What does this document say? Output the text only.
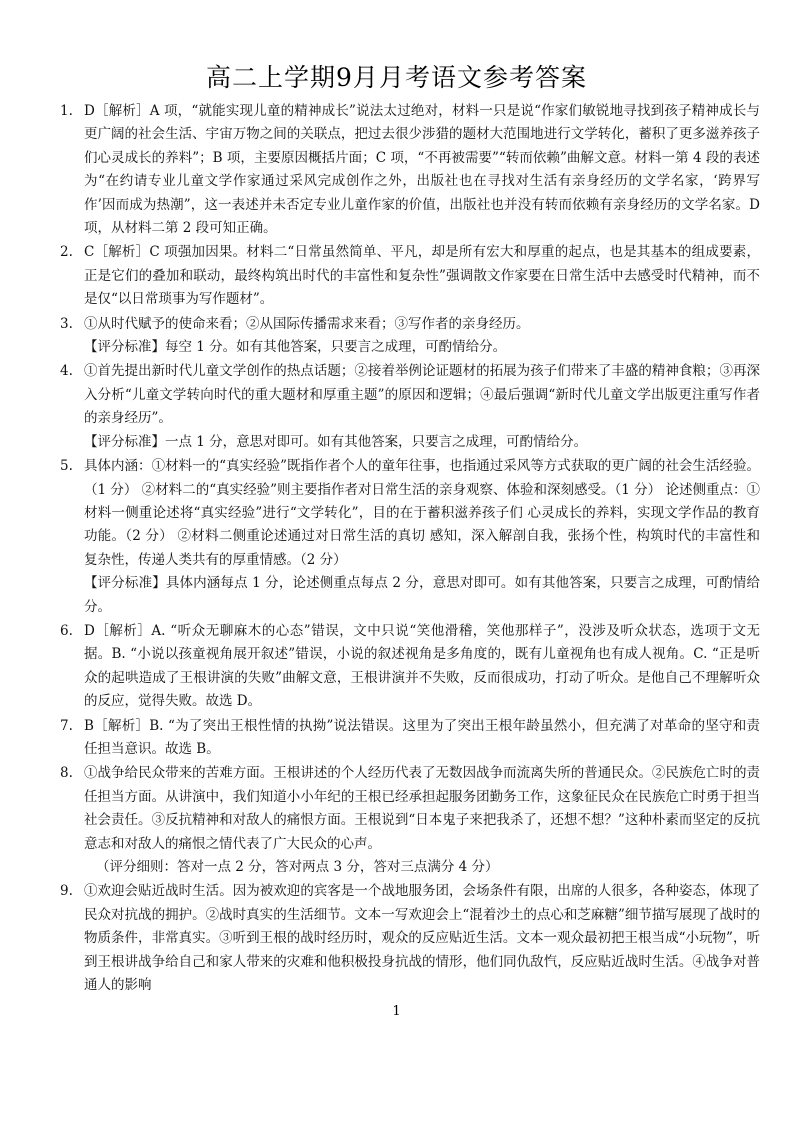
高二上学期9月月考语文参考答案
1. D［解析］A 项，“就能实现儿童的精神成长”说法太过绝对，材料一只是说“作家们敏锐地寻找到孩子精神成长与更广阔的社会生活、宇宙万物之间的关联点，把过去很少涉猎的题材大范围地进行文学转化，蓄积了更多滋养孩子们心灵成长的养料”；B 项，主要原因概括片面；C 项，“不再被需要”“转而依赖”曲解文意。材料一第 4 段的表述为“在约请专业儿童文学作家通过采风完成创作之外，出版社也在寻找对生活有亲身经历的文学名家，‘跨界写作’因而成为热潮”，这一表述并未否定专业儿童作家的价值，出版社也并没有转而依赖有亲身经历的文学名家。D 项，从材料二第 2 段可知正确。

2. C［解析］C 项强加因果。材料二“日常虽然简单、平凡，却是所有宏大和厚重的起点，也是其基本的组成要素，正是它们的叠加和联动，最终构筑出时代的丰富性和复杂性”强调散文作家要在日常生活中去感受时代精神，而不是仅“以日常琐事为写作题材”。

3. ①从时代赋予的使命来看；②从国际传播需求来看；③写作者的亲身经历。

【评分标准】每空 1 分。如有其他答案，只要言之成理，可酌情给分。

4. ①首先提出新时代儿童文学创作的热点话题；②接着举例论证题材的拓展为孩子们带来了丰盛的精神食粮；③再深入分析“儿童文学转向时代的重大题材和厚重主题”的原因和逻辑；④最后强调“新时代儿童文学出版更注重写作者的亲身经历”。

【评分标准】一点 1 分，意思对即可。如有其他答案，只要言之成理，可酌情给分。

5. 具体内涵：①材料一的“真实经验”既指作者个人的童年往事，也指通过采风等方式获取的更广阔的社会生活经验。（1 分） ②材料二的“真实经验”则主要指作者对日常生活的亲身观察、体验和深刻感受。（1 分） 论述侧重点：①材料一侧重论述将“真实经验”进行“文学转化”，目的在于蓄积滋养孩子们 心灵成长的养料，实现文学作品的教育功能。（2 分） ②材料二侧重论述通过对日常生活的真切 感知，深入解剖自我，张扬个性，构筑时代的丰富性和复杂性，传递人类共有的厚重情感。（2 分）

【评分标准】具体内涵每点 1 分，论述侧重点每点 2 分，意思对即可。如有其他答案，只要言之成理，可酌情给分。

6. D［解析］A. “听众无聊麻木的心态”错误，文中只说“笑他滑稽，笑他那样子”，没涉及听众状态，选项于文无据。B. “小说以孩童视角展开叙述”错误，小说的叙述视角是多角度的，既有儿童视角也有成人视角。C. “正是听众的起哄造成了王根讲演的失败”曲解文意，王根讲演并不失败，反而很成功，打动了听众。是他自己不理解听众的反应，觉得失败。故选 D。

7. B［解析］B. “为了突出王根性情的执拗”说法错误。这里为了突出王根年龄虽然小，但充满了对革命的坚守和责任担当意识。故选 B。

8. ①战争给民众带来的苦难方面。王根讲述的个人经历代表了无数因战争而流离失所的普通民众。②民族危亡时的责任担当方面。从讲演中，我们知道小小年纪的王根已经承担起服务团勤务工作，这象征民众在民族危亡时勇于担当社会责任。③反抗精神和对敌人的痛恨方面。王根说到“日本鬼子来把我杀了，还想不想？”这种朴素而坚定的反抗意志和对敌人的痛恨之情代表了广大民众的心声。

（评分细则：答对一点 2 分，答对两点 3 分，答对三点满分 4 分）

9. ①欢迎会贴近战时生活。因为被欢迎的宾客是一个战地服务团，会场条件有限，出席的人很多，各种姿态，体现了民众对抗战的拥护。②战时真实的生活细节。文本一写欢迎会上“混着沙土的点心和芝麻糖”细节描写展现了战时的物质条件，非常真实。③听到王根的战时经历时，观众的反应贴近生活。文本一观众最初把王根当成“小玩物”，听到王根讲战争给自己和家人带来的灾难和他积极投身抗战的情形，他们同仇敌忾，反应贴近战时生活。④战争对普通人的影响

1
